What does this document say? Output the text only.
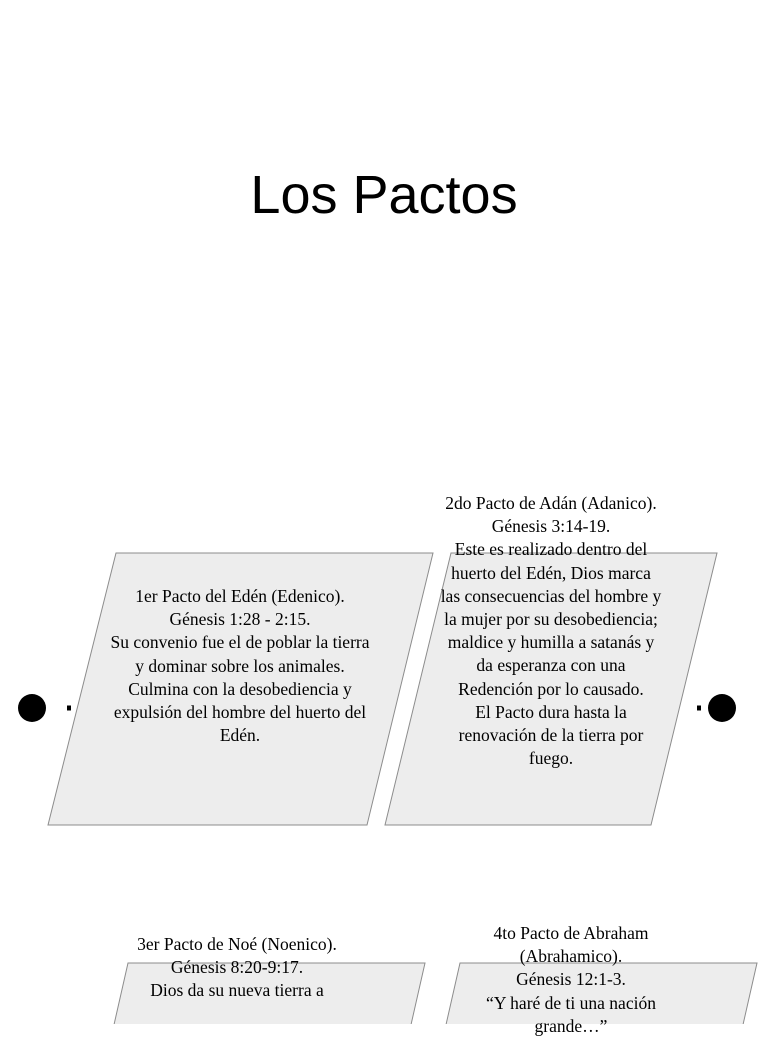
Los Pactos
1er Pacto del Edén (Edenico).
Génesis 1:28 - 2:15.
Su convenio fue el de poblar la tierra y dominar sobre los animales.
Culmina con la desobediencia y expulsión del hombre del huerto del Edén.
2do Pacto de Adán (Adanico).
Génesis 3:14-19.
Este es realizado dentro del huerto del Edén, Dios marca las consecuencias del hombre y la mujer por su desobediencia; maldice y humilla a satanás y da esperanza con una Redención por lo causado.
El Pacto dura hasta la renovación de la tierra por fuego.
3er Pacto de Noé (Noenico).
Génesis 8:20-9:17.
Dios da su nueva tierra a
4to Pacto de Abraham (Abrahamico).
Génesis 12:1-3.
“Y haré de ti una nación grande…”
